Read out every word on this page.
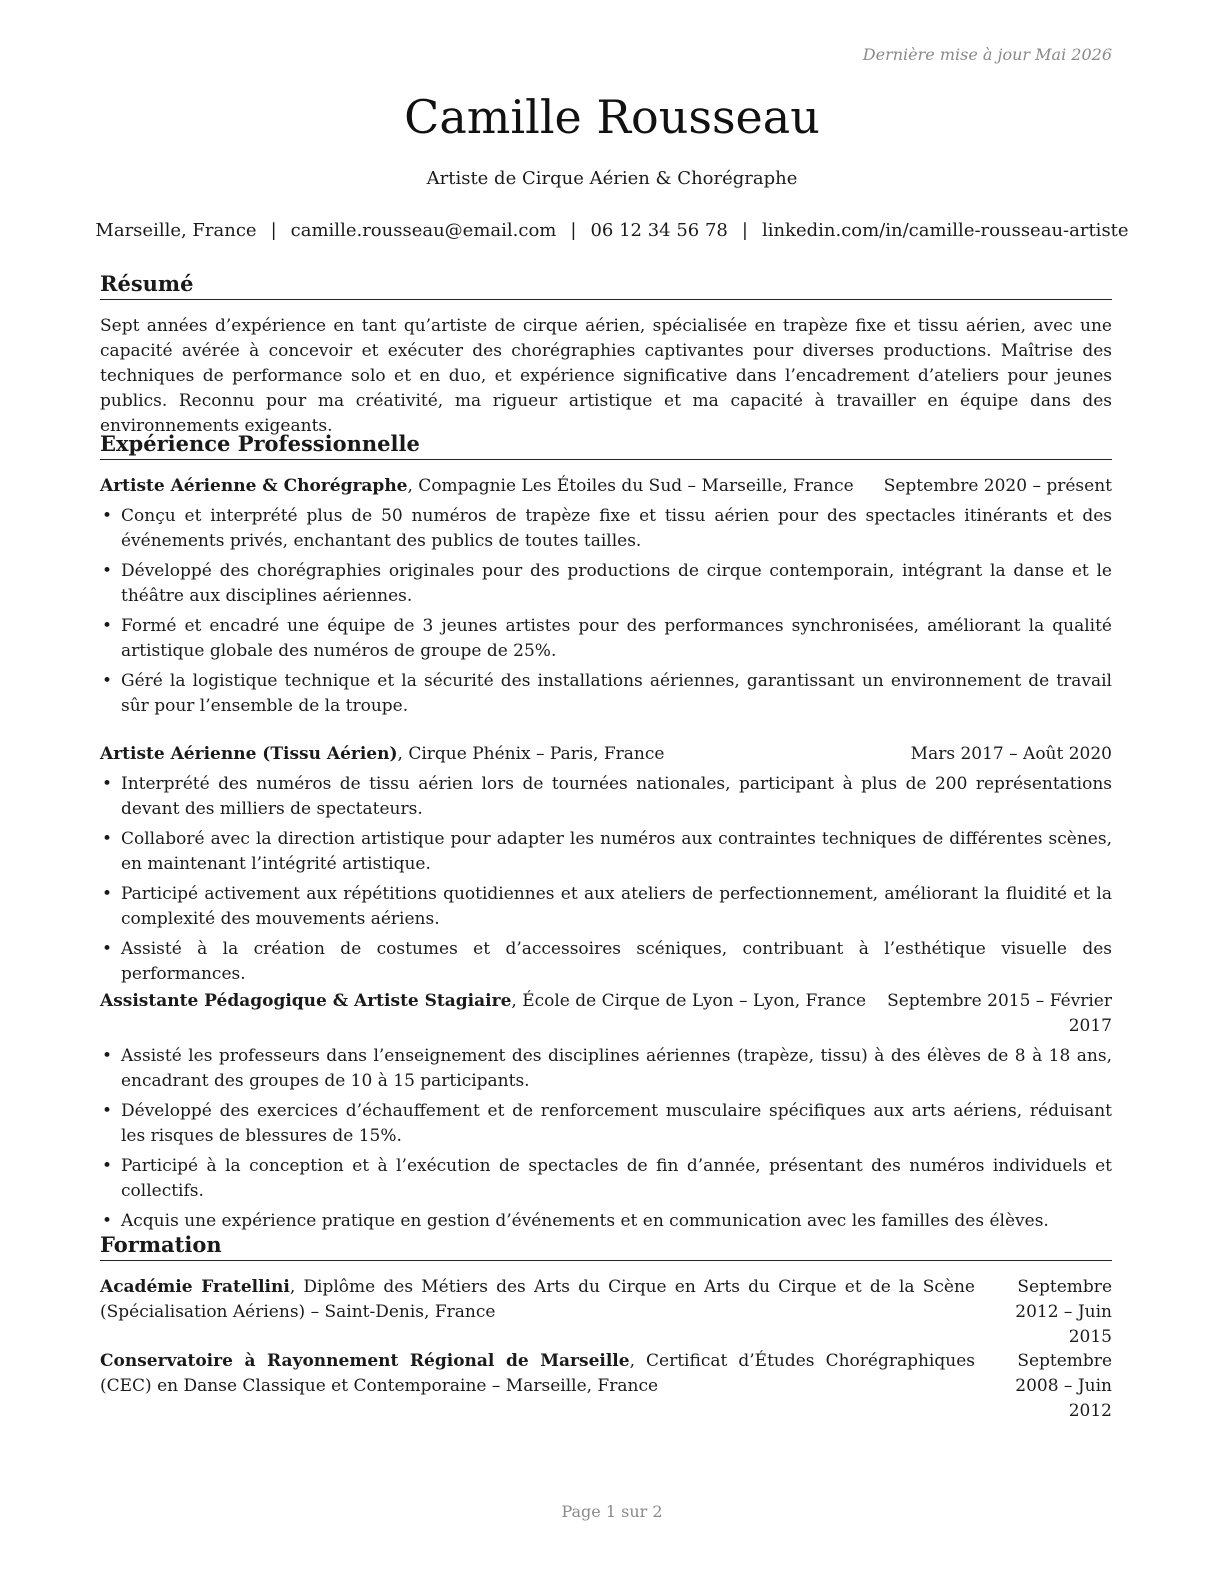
Dernière mise à jour Mai 2026
Camille Rousseau
Artiste de Cirque Aérien & Chorégraphe
Marseille, France | camille.rousseau@email.com | 06 12 34 56 78 | linkedin.com/in/camille-rousseau-artiste
Résumé
Sept années d’expérience en tant qu’artiste de cirque aérien, spécialisée en trapèze fixe et tissu aérien, avec une capacité avérée à concevoir et exécuter des chorégraphies captivantes pour diverses productions. Maîtrise des techniques de performance solo et en duo, et expérience significative dans l’encadrement d’ateliers pour jeunes publics. Reconnu pour ma créativité, ma rigueur artistique et ma capacité à travailler en équipe dans des environnements exigeants.
Expérience Professionnelle
Artiste Aérienne & Chorégraphe, Compagnie Les Étoiles du Sud – Marseille, France Septembre 2020 – présent
• Conçu et interprété plus de 50 numéros de trapèze fixe et tissu aérien pour des spectacles itinérants et des événements privés, enchantant des publics de toutes tailles.
• Développé des chorégraphies originales pour des productions de cirque contemporain, intégrant la danse et le théâtre aux disciplines aériennes.
• Formé et encadré une équipe de 3 jeunes artistes pour des performances synchronisées, améliorant la qualité artistique globale des numéros de groupe de 25%.
• Géré la logistique technique et la sécurité des installations aériennes, garantissant un environnement de travail sûr pour l’ensemble de la troupe.
Artiste Aérienne (Tissu Aérien), Cirque Phénix – Paris, France	Mars 2017 – Août 2020
• Interprété des numéros de tissu aérien lors de tournées nationales, participant à plus de 200 représentations devant des milliers de spectateurs.
• Collaboré avec la direction artistique pour adapter les numéros aux contraintes techniques de différentes scènes, en maintenant l’intégrité artistique.
• Participé activement aux répétitions quotidiennes et aux ateliers de perfectionnement, améliorant la fluidité et la complexité des mouvements aériens.
• Assisté à la création de costumes et d’accessoires scéniques, contribuant à l’esthétique visuelle des performances.
Assistante Pédagogique & Artiste Stagiaire, École de Cirque de Lyon – Lyon, France	Septembre 2015 – Février 2017
• Assisté les professeurs dans l’enseignement des disciplines aériennes (trapèze, tissu) à des élèves de 8 à 18 ans, encadrant des groupes de 10 à 15 participants.
• Développé des exercices d’échauffement et de renforcement musculaire spécifiques aux arts aériens, réduisant les risques de blessures de 15%.
• Participé à la conception et à l’exécution de spectacles de fin d’année, présentant des numéros individuels et collectifs.
• Acquis une expérience pratique en gestion d’événements et en communication avec les familles des élèves.
Formation
Académie Fratellini, Diplôme des Métiers des Arts du Cirque en Arts du Cirque et de la Scène (Spécialisation Aériens) – Saint-Denis, France
Septembre 2012 – Juin 2015
Conservatoire à Rayonnement Régional de Marseille, Certificat d’Études Chorégraphiques (CEC) en Danse Classique et Contemporaine – Marseille, France
Septembre 2008 – Juin 2012
Page 1 sur 2
